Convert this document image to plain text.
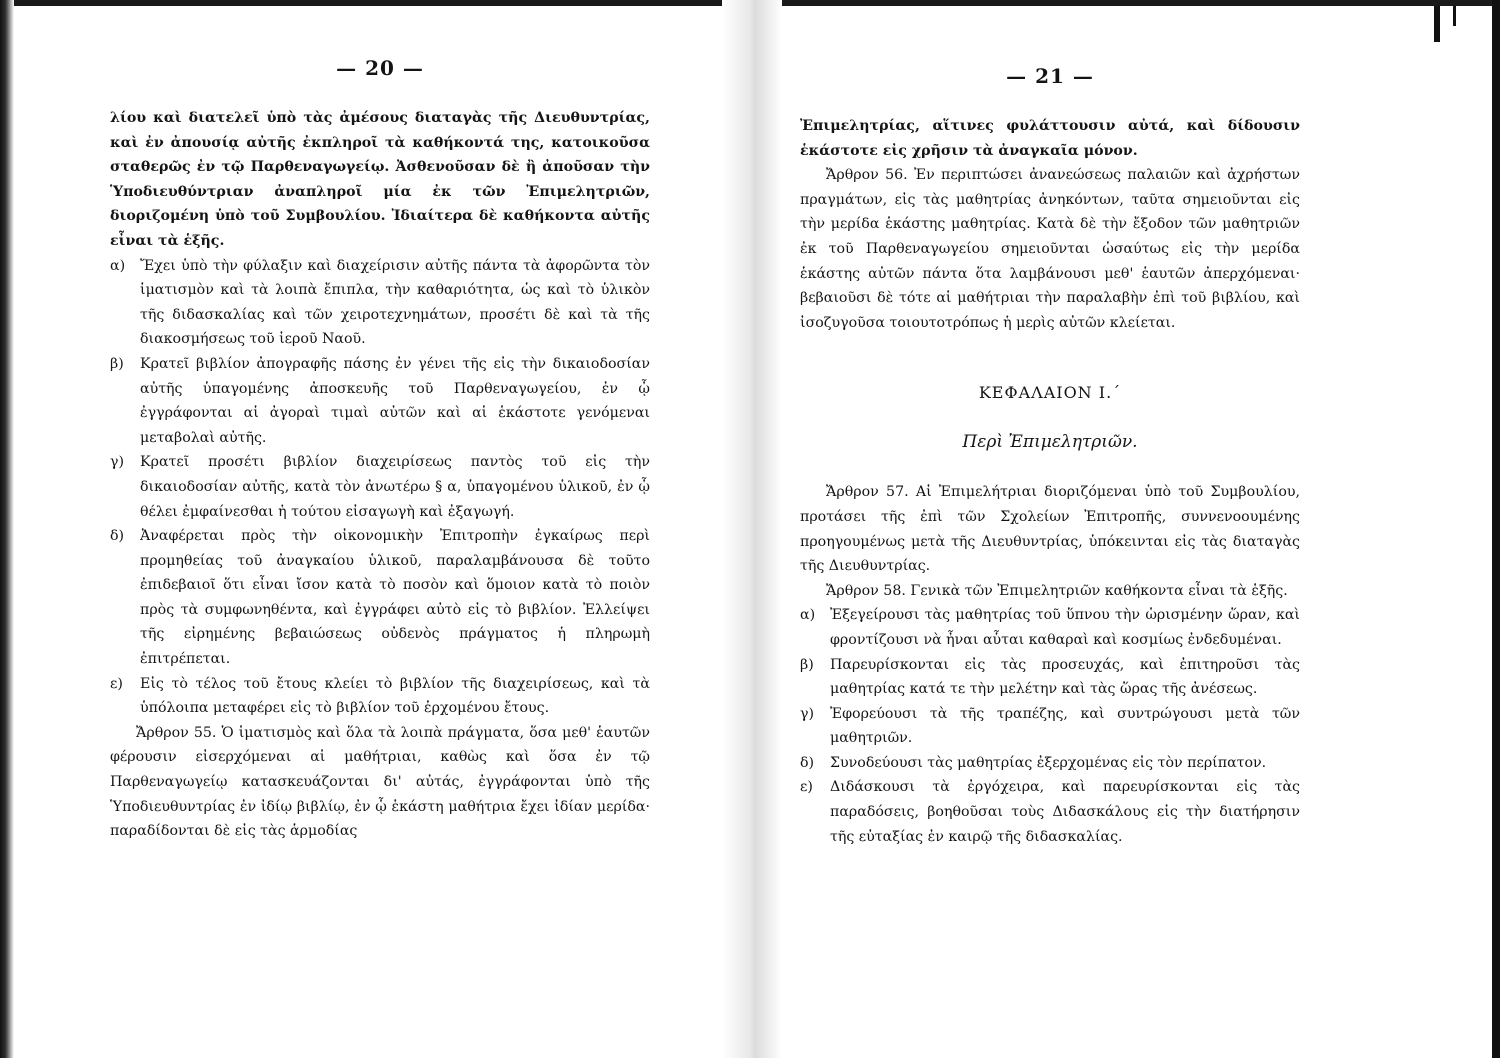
— 20 —

λίου καὶ διατελεῖ ὑπὸ τὰς ἀμέσους διαταγὰς τῆς Διευθυντρίας, καὶ ἐν ἀπουσίᾳ αὐτῆς ἐκπληροῖ τὰ καθήκοντά της, κατοικοῦσα σταθερῶς ἐν τῷ Παρθεναγωγείῳ. Ἀσθενοῦσαν δὲ ἢ ἀποῦσαν τὴν Ὑποδιευθύντριαν ἀναπληροῖ μία ἐκ τῶν Ἐπιμελητριῶν, διοριζομένη ὑπὸ τοῦ Συμβουλίου. Ἰδιαίτερα δὲ καθήκοντα αὐτῆς εἶναι τὰ ἑξῆς.

α)	Ἔχει ὑπὸ τὴν φύλαξιν καὶ διαχείρισιν αὐτῆς πάντα τὰ ἀφορῶντα τὸν ἱματισμὸν καὶ τὰ λοιπὰ ἔπιπλα, τὴν καθαριότητα, ὡς καὶ τὸ ὑλικὸν τῆς διδασκαλίας καὶ τῶν χειροτεχνημάτων, προσέτι δὲ καὶ τὰ τῆς διακοσμήσεως τοῦ ἱεροῦ Ναοῦ.
β)	Κρατεῖ βιβλίον ἀπογραφῆς πάσης ἐν γένει τῆς εἰς τὴν δικαιοδοσίαν αὐτῆς ὑπαγομένης ἀποσκευῆς τοῦ Παρθεναγωγείου, ἐν ᾧ ἐγγράφονται αἱ ἀγοραὶ τιμαὶ αὐτῶν καὶ αἱ ἑκάστοτε γενόμεναι μεταβολαὶ αὐτῆς.
γ)	Κρατεῖ προσέτι βιβλίον διαχειρίσεως παντὸς τοῦ εἰς τὴν δικαιοδοσίαν αὐτῆς, κατὰ τὸν ἀνωτέρω § α, ὑπαγομένου ὑλικοῦ, ἐν ᾧ θέλει ἐμφαίνεσθαι ἡ τούτου εἰσαγωγὴ καὶ ἐξαγωγή.
δ)	Ἀναφέρεται πρὸς τὴν οἰκονομικὴν Ἐπιτροπὴν ἐγκαίρως περὶ προμηθείας τοῦ ἀναγκαίου ὑλικοῦ, παραλαμβάνουσα δὲ τοῦτο ἐπιδεβαιοῖ ὅτι εἶναι ἴσον κατὰ τὸ ποσὸν καὶ ὅμοιον κατὰ τὸ ποιὸν πρὸς τὰ συμφωνηθέντα, καὶ ἐγγράφει αὐτὸ εἰς τὸ βιβλίον. Ἐλλείψει τῆς εἰρημένης βεβαιώσεως οὐδενὸς πράγματος ἡ πληρωμὴ ἐπιτρέπεται.
ε)	Εἰς τὸ τέλος τοῦ ἔτους κλείει τὸ βιβλίον τῆς διαχειρίσεως, καὶ τὰ ὑπόλοιπα μεταφέρει εἰς τὸ βιβλίον τοῦ ἐρχομένου ἔτους.

Ἄρθρον 55. Ὁ ἱματισμὸς καὶ ὅλα τὰ λοιπὰ πράγματα, ὅσα μεθ' ἑαυτῶν φέρουσιν εἰσερχόμεναι αἱ μαθήτριαι, καθὼς καὶ ὅσα ἐν τῷ Παρθεναγωγείῳ κατασκευάζονται δι' αὐτάς, ἐγγράφονται ὑπὸ τῆς Ὑποδιευθυντρίας ἐν ἰδίῳ βιβλίῳ, ἐν ᾧ ἑκάστη μαθήτρια ἔχει ἰδίαν μερίδα· παραδίδονται δὲ εἰς τὰς ἁρμοδίας

— 21 —

Ἐπιμελητρίας, αἵτινες φυλάττουσιν αὐτά, καὶ δίδουσιν ἑκάστοτε εἰς χρῆσιν τὰ ἀναγκαῖα μόνον.

Ἄρθρον 56. Ἐν περιπτώσει ἀνανεώσεως παλαιῶν καὶ ἀχρήστων πραγμάτων, εἰς τὰς μαθητρίας ἀνηκόντων, ταῦτα σημειοῦνται εἰς τὴν μερίδα ἑκάστης μαθητρίας. Κατὰ δὲ τὴν ἔξοδον τῶν μαθητριῶν ἐκ τοῦ Παρθεναγωγείου σημειοῦνται ὡσαύτως εἰς τὴν μερίδα ἑκάστης αὐτῶν πάντα ὅτα λαμβάνουσι μεθ' ἑαυτῶν ἀπερχόμεναι· βεβαιοῦσι δὲ τότε αἱ μαθήτριαι τὴν παραλαβὴν ἐπὶ τοῦ βιβλίου, καὶ ἰσοζυγοῦσα τοιουτοτρόπως ἡ μερὶς αὐτῶν κλείεται.

ΚΕΦΑΛΑΙΟΝ Ι.΄
Περὶ Ἐπιμελητριῶν.

Ἄρθρον 57. Αἱ Ἐπιμελήτριαι διοριζόμεναι ὑπὸ τοῦ Συμβουλίου, προτάσει τῆς ἐπὶ τῶν Σχολείων Ἐπιτροπῆς, συννενοουμένης προηγουμένως μετὰ τῆς Διευθυντρίας, ὑπόκεινται εἰς τὰς διαταγὰς τῆς Διευθυντρίας.

Ἄρθρον 58. Γενικὰ τῶν Ἐπιμελητριῶν καθήκοντα εἶναι τὰ ἑξῆς.

α)	Ἐξεγείρουσι τὰς μαθητρίας τοῦ ὕπνου τὴν ὡρισμένην ὥραν, καὶ φροντίζουσι νὰ ἦναι αὗται καθαραὶ καὶ κοσμίως ἐνδεδυμέναι.
β)	Παρευρίσκονται εἰς τὰς προσευχάς, καὶ ἐπιτηροῦσι τὰς μαθητρίας κατά τε τὴν μελέτην καὶ τὰς ὥρας τῆς ἀνέσεως.
γ)	Ἐφορεύουσι τὰ τῆς τραπέζης, καὶ συντρώγουσι μετὰ τῶν μαθητριῶν.
δ)	Συνοδεύουσι τὰς μαθητρίας ἐξερχομένας εἰς τὸν περίπατον.
ε)	Διδάσκουσι τὰ ἐργόχειρα, καὶ παρευρίσκονται εἰς τὰς παραδόσεις, βοηθοῦσαι τοὺς Διδασκάλους εἰς τὴν διατήρησιν τῆς εὐταξίας ἐν καιρῷ τῆς διδασκαλίας.
